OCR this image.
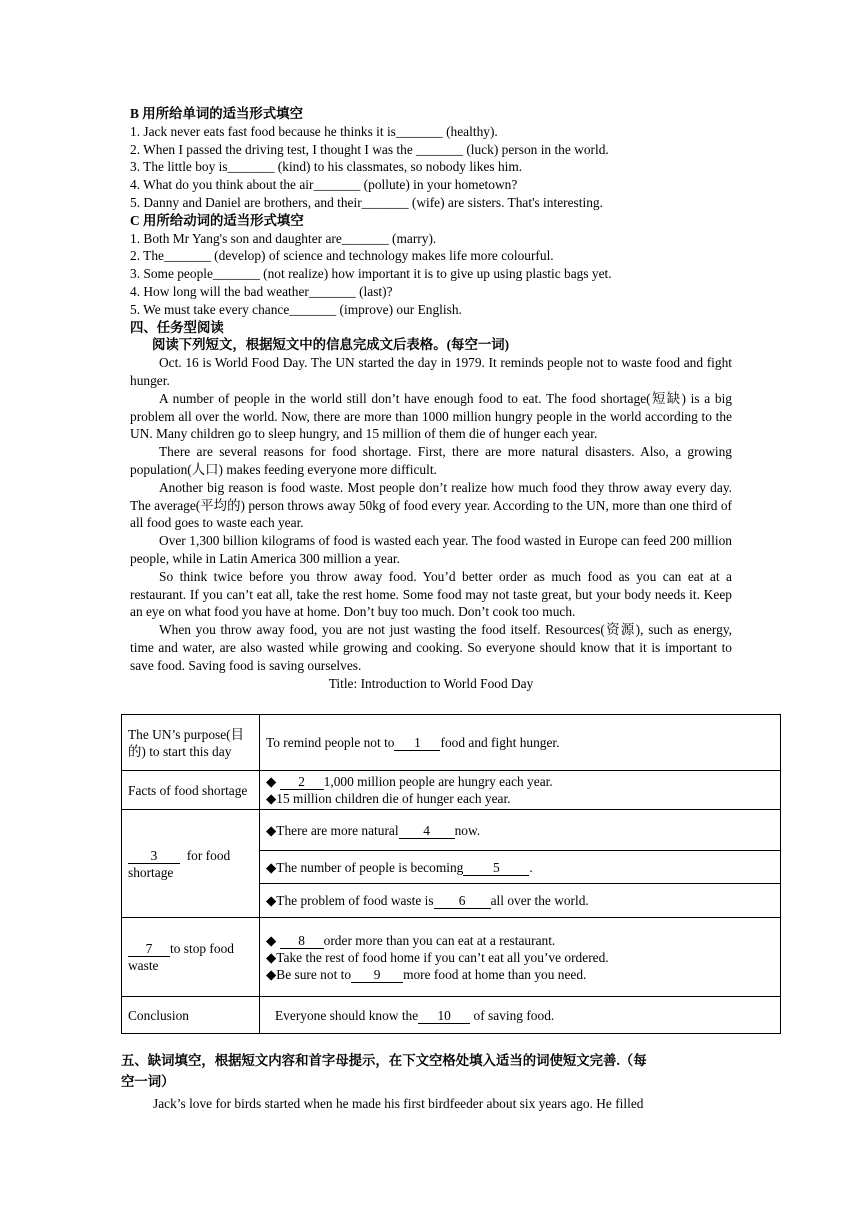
B 用所给单词的适当形式填空
1. Jack never eats fast food because he thinks it is_______ (healthy).
2. When I passed the driving test, I thought I was the _______ (luck) person in the world.
3. The little boy is_______ (kind) to his classmates, so nobody likes him.
4. What do you think about the air_______ (pollute) in your hometown?
5. Danny and Daniel are brothers, and their_______ (wife) are sisters. That's interesting.
C 用所给动词的适当形式填空
1. Both Mr Yang's son and daughter are_______ (marry).
2. The_______ (develop) of science and technology makes life more colourful.
3. Some people_______ (not realize) how important it is to give up using plastic bags yet.
4. How long will the bad weather_______ (last)?
5. We must take every chance_______ (improve) our English.
四、任务型阅读
阅读下列短文，根据短文中的信息完成文后表格。(每空一词)

Oct. 16 is World Food Day. The UN started the day in 1979. It reminds people not to waste food and fight hunger.

A number of people in the world still don’t have enough food to eat. The food shortage(短缺) is a big problem all over the world. Now, there are more than 1000 million hungry people in the world according to the UN. Many children go to sleep hungry, and 15 million of them die of hunger each year.

There are several reasons for food shortage. First, there are more natural disasters. Also, a growing population(人口) makes feeding everyone more difficult.

Another big reason is food waste. Most people don’t realize how much food they throw away every day. The average(平均的) person throws away 50kg of food every year. According to the UN, more than one third of all food goes to waste each year.

Over 1,300 billion kilograms of food is wasted each year. The food wasted in Europe can feed 200 million people, while in Latin America 300 million a year.

So think twice before you throw away food. You’d better order as much food as you can eat at a restaurant. If you can’t eat all, take the rest home. Some food may not taste great, but your body needs it. Keep an eye on what food you have at home. Don’t buy too much. Don’t cook too much.

When you throw away food, you are not just wasting the food itself. Resources(资源), such as energy, time and water, are also wasted while growing and cooking. So everyone should know that it is important to save food. Saving food is saving ourselves.

Title: Introduction to World Food Day
The UN’s purpose(目的) to start this day	To remind people not to 1 food and fight hunger.
Facts of food shortage	◆ 2 1,000 million people are hungry each year.
◆15 million children die of hunger each year.

3 for food shortage	◆There are more natural 4 now.
	◆The number of people is becoming 5 .
	◆The problem of food waste is 6 all over the world.
7 to stop food waste	◆ 8 order more than you can eat at a restaurant.
◆Take the rest of food home if you can’t eat all you’ve ordered.
◆Be sure not to 9 more food at home than you need.

Conclusion	Everyone should know the 10 of saving food.
五、缺词填空，根据短文内容和首字母提示，在下文空格处填入适当的词使短文完善.（每
空一词）
Jack’s love for birds started when he made his first birdfeeder about six years ago. He filled
